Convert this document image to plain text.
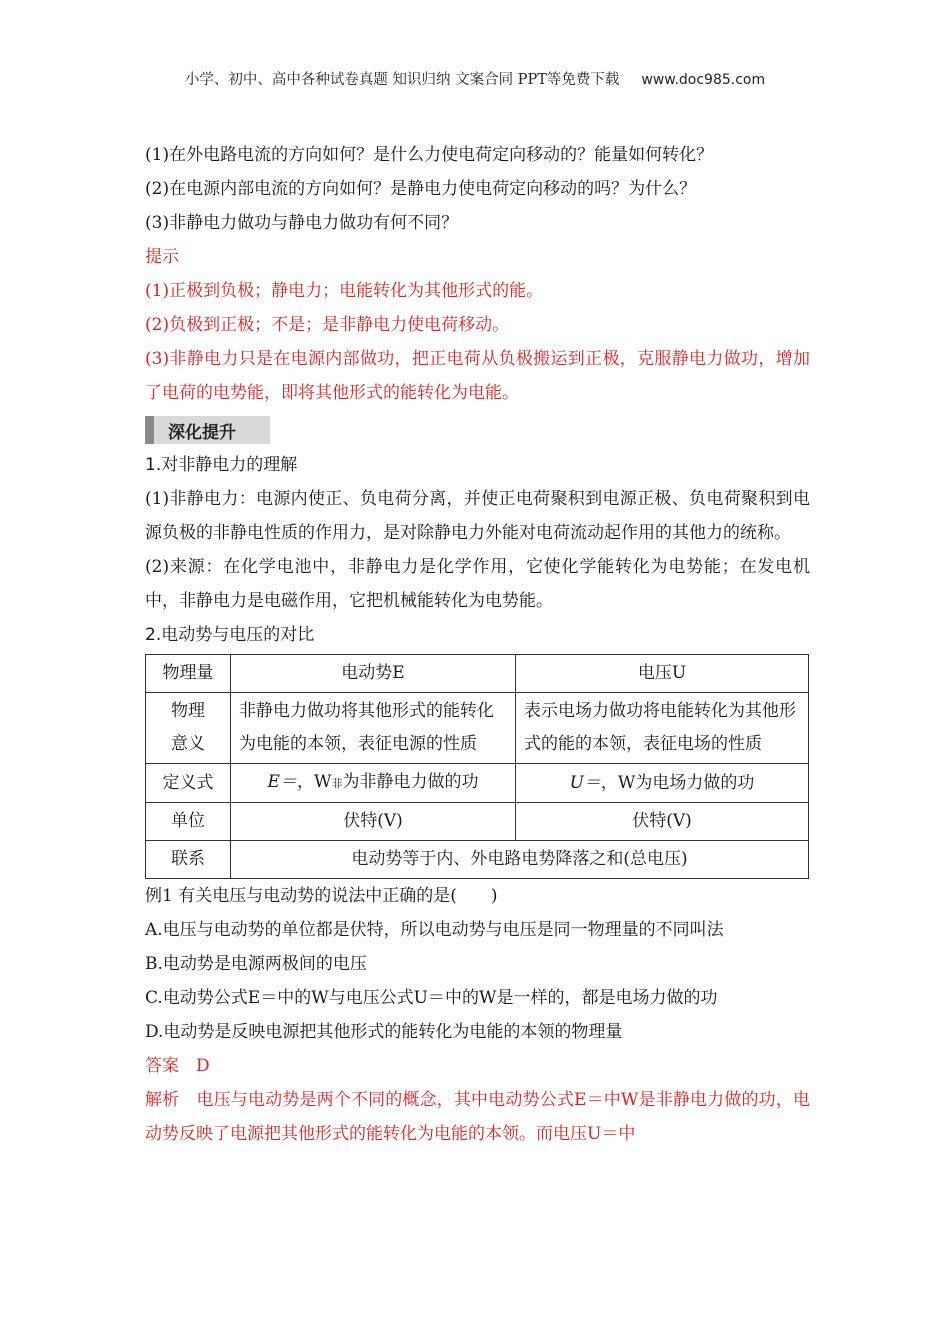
小学、初中、高中各种试卷真题 知识归纳 文案合同 PPT等免费下载 www.doc985.com
(1)在外电路电流的方向如何？是什么力使电荷定向移动的？能量如何转化？
(2)在电源内部电流的方向如何？是静电力使电荷定向移动的吗？为什么？
(3)非静电力做功与静电力做功有何不同？
提示
(1)正极到负极；静电力；电能转化为其他形式的能。
(2)负极到正极；不是；是非静电力使电荷移动。
(3)非静电力只是在电源内部做功，把正电荷从负极搬运到正极，克服静电力做功，增加了电荷的电势能，即将其他形式的能转化为电能。
深化提升
1.对非静电力的理解
(1)非静电力：电源内使正、负电荷分离，并使正电荷聚积到电源正极、负电荷聚积到电源负极的非静电性质的作用力，是对除静电力外能对电荷流动起作用的其他力的统称。
(2)来源：在化学电池中，非静电力是化学作用，它使化学能转化为电势能；在发电机中，非静电力是电磁作用，它把机械能转化为电势能。
2.电动势与电压的对比
物理量	电动势E	电压U

物理意义	非静电力做功将其他形式的能转化为电能的本领，表征电源的性质	表示电场力做功将电能转化为其他形式的能的本领，表征电场的性质
定义式	E＝，W非为非静电力做的功	U＝，W为电场力做的功
单位	伏特(V)	伏特(V)
联系	电动势等于内、外电路电势降落之和(总电压)	
例1 有关电压与电动势的说法中正确的是(　　)
A.电压与电动势的单位都是伏特，所以电动势与电压是同一物理量的不同叫法
B.电动势是电源两极间的电压
C.电动势公式E＝中的W与电压公式U＝中的W是一样的，都是电场力做的功
D.电动势是反映电源把其他形式的能转化为电能的本领的物理量
答案　D
解析　电压与电动势是两个不同的概念，其中电动势公式E＝中W是非静电力做的功，电动势反映了电源把其他形式的能转化为电能的本领。而电压U＝中
